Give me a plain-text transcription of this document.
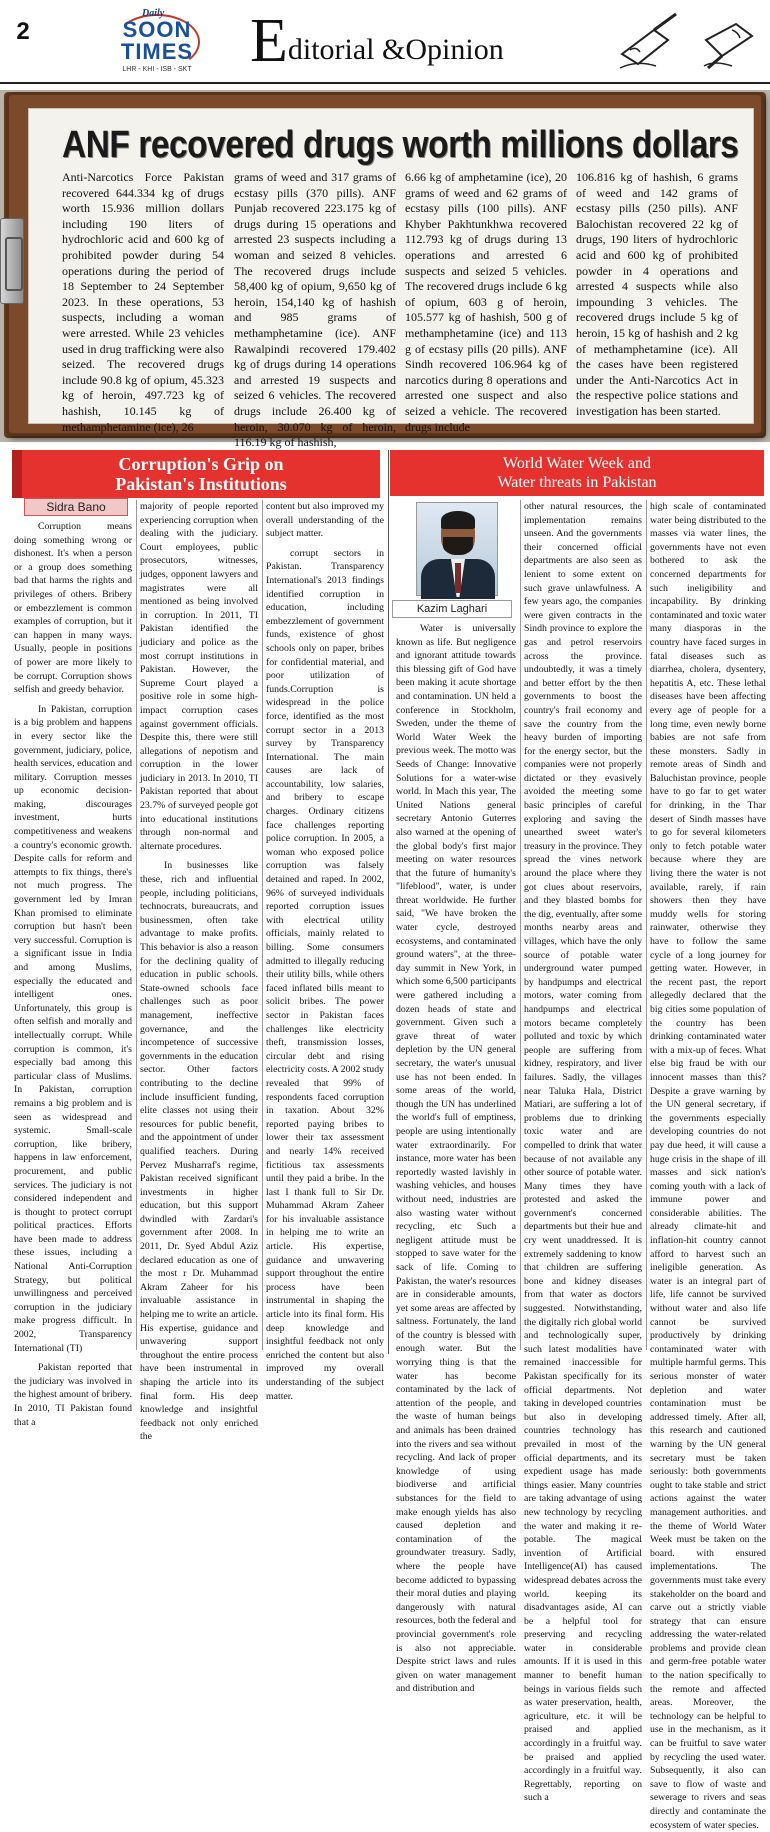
2
Daily
SOON
TIMES
LHR - KHI - ISB - SKT Editorial &Opinion
ANF recovered drugs worth millions dollars
Anti-Narcotics Force Pakistan recovered 644.334 kg of drugs worth 15.936 million dollars including 190 liters of hydrochloric acid and 600 kg of prohibited powder during 54 operations during the period of 18 September to 24 September 2023. In these operations, 53 suspects, including a woman were arrested. While 23 vehicles used in drug trafficking were also seized. The recovered drugs include 90.8 kg of opium, 45.323 kg of heroin, 497.723 kg of hashish, 10.145 kg of methamphetamine (ice), 26
grams of weed and 317 grams of ecstasy pills (370 pills). ANF Punjab recovered 223.175 kg of drugs during 15 operations and arrested 23 suspects including a woman and seized 8 vehicles. The recovered drugs include 58,400 kg of opium, 9,650 kg of heroin, 154,140 kg of hashish and 985 grams of methamphetamine (ice). ANF Rawalpindi recovered 179.402 kg of drugs during 14 operations and arrested 19 suspects and seized 6 vehicles. The recovered drugs include 26.400 kg of heroin, 30.070 kg of heroin, 116.19 kg of hashish,
6.66 kg of amphetamine (ice), 20 grams of weed and 62 grams of ecstasy pills (100 pills). ANF Khyber Pakhtunkhwa recovered 112.793 kg of drugs during 13 operations and arrested 6 suspects and seized 5 vehicles. The recovered drugs include 6 kg of opium, 603 g of heroin, 105.577 kg of hashish, 500 g of methamphetamine (ice) and 113 g of ecstasy pills (20 pills). ANF Sindh recovered 106.964 kg of narcotics during 8 operations and arrested one suspect and also seized a vehicle. The recovered drugs include
106.816 kg of hashish, 6 grams of weed and 142 grams of ecstasy pills (250 pills). ANF Balochistan recovered 22 kg of drugs, 190 liters of hydrochloric acid and 600 kg of prohibited powder in 4 operations and arrested 4 suspects while also impounding 3 vehicles. The recovered drugs include 5 kg of heroin, 15 kg of hashish and 2 kg of methamphetamine (ice). All the cases have been registered under the Anti-Narcotics Act in the respective police stations and investigation has been started.
Corruption's Grip on
Pakistan's Institutions
Sidra Bano

Corruption means doing something wrong or dishonest. It's when a person or a group does something bad that harms the rights and privileges of others. Bribery or embezzlement is common examples of corruption, but it can happen in many ways. Usually, people in positions of power are more likely to be corrupt. Corruption shows selfish and greedy behavior.

In Pakistan, corruption is a big problem and happens in every sector like the government, judiciary, police, health services, education and military. Corruption messes up economic decision-making, discourages investment, hurts competitiveness and weakens a country's economic growth. Despite calls for reform and attempts to fix things, there's not much progress. The government led by Imran Khan promised to eliminate corruption but hasn't been very successful. Corruption is a significant issue in India and among Muslims, especially the educated and intelligent ones. Unfortunately, this group is often selfish and morally and intellectually corrupt. While corruption is common, it's especially bad among this particular class of Muslims. In Pakistan, corruption remains a big problem and is seen as widespread and systemic. Small-scale corruption, like bribery, happens in law enforcement, procurement, and public services. The judiciary is not considered independent and is thought to protect corrupt political practices. Efforts have been made to address these issues, including a National Anti-Corruption Strategy, but political unwillingness and perceived corruption in the judiciary make progress difficult. In 2002, Transparency International (TI)

Pakistan reported that the judiciary was involved in the highest amount of bribery. In 2010, TI Pakistan found that a

majority of people reported experiencing corruption when dealing with the judiciary. Court employees, public prosecutors, witnesses, judges, opponent lawyers and magistrates were all mentioned as being involved in corruption. In 2011, TI Pakistan identified the judiciary and police as the most corrupt institutions in Pakistan. However, the Supreme Court played a positive role in some high-impact corruption cases against government officials. Despite this, there were still allegations of nepotism and corruption in the lower judiciary in 2013. In 2010, TI Pakistan reported that about 23.7% of surveyed people got into educational institutions through non-normal and alternate procedures.

In businesses like these, rich and influential people, including politicians, technocrats, bureaucrats, and businessmen, often take advantage to make profits. This behavior is also a reason for the declining quality of education in public schools. State-owned schools face challenges such as poor management, ineffective governance, and the incompetence of successive governments in the education sector. Other factors contributing to the decline include insufficient funding, elite classes not using their resources for public benefit, and the appointment of under qualified teachers. During Pervez Musharraf's regime, Pakistan received significant investments in higher education, but this support dwindled with Zardari's government after 2008. In 2011, Dr. Syed Abdul Aziz declared education as one of the most r Dr. Muhammad Akram Zaheer for his invaluable assistance in helping me to write an article. His expertise, guidance and unwavering support throughout the entire process have been instrumental in shaping the article into its final form. His deep knowledge and insightful feedback not only enriched the

content but also improved my overall understanding of the subject matter.

corrupt sectors in Pakistan. Transparency International's 2013 findings identified corruption in education, including embezzlement of government funds, existence of ghost schools only on paper, bribes for confidential material, and poor utilization of funds.Corruption is widespread in the police force, identified as the most corrupt sector in a 2013 survey by Transparency International. The main causes are lack of accountability, low salaries, and bribery to escape charges. Ordinary citizens face challenges reporting police corruption. In 2005, a woman who exposed police corruption was falsely detained and raped. In 2002, 96% of surveyed individuals reported corruption issues with electrical utility officials, mainly related to billing. Some consumers admitted to illegally reducing their utility bills, while others faced inflated bills meant to solicit bribes. The power sector in Pakistan faces challenges like electricity theft, transmission losses, circular debt and rising electricity costs. A 2002 study revealed that 99% of respondents faced corruption in taxation. About 32% reported paying bribes to lower their tax assessment and nearly 14% received fictitious tax assessments until they paid a bribe. In the last I thank full to Sir Dr. Muhammad Akram Zaheer for his invaluable assistance in helping me to write an article. His expertise, guidance and unwavering support throughout the entire process have been instrumental in shaping the article into its final form. His deep knowledge and insightful feedback not only enriched the content but also improved my overall understanding of the subject matter.

World Water Week and
Water threats in Pakistan
Kazim Laghari

Water is universally known as life. But negligence and ignorant attitude towards this blessing gift of God have been making it acute shortage and contamination. UN held a conference in Stockholm, Sweden, under the theme of World Water Week the previous week. The motto was Seeds of Change: Innovative Solutions for a water-wise world. In Mach this year, The United Nations general secretary Antonio Guterres also warned at the opening of the global body's first major meeting on water resources that the future of humanity's "lifeblood", water, is under threat worldwide. He further said, "We have broken the water cycle, destroyed ecosystems, and contaminated ground waters", at the three-day summit in New York, in which some 6,500 participants were gathered including a dozen heads of state and government. Given such a grave threat of water depletion by the UN general secretary, the water's unusual use has not been ended. In some areas of the world, though the UN has underlined the world's full of emptiness, people are using intentionally water extraordinarily. For instance, more water has been reportedly wasted lavishly in washing vehicles, and houses without need, industries are also wasting water without recycling, etc Such a negligent attitude must be stopped to save water for the sack of life. Coming to Pakistan, the water's resources are in considerable amounts, yet some areas are affected by saltness. Fortunately, the land of the country is blessed with enough water. But the worrying thing is that the water has become contaminated by the lack of attention of the people, and the waste of human beings and animals has been drained into the rivers and sea without recycling. And lack of proper knowledge of using biodiverse and artificial substances for the field to make enough yields has also caused depletion and contamination of the groundwater treasury. Sadly, where the people have become addicted to bypassing their moral duties and playing dangerously with natural resources, both the federal and provincial government's role is also not appreciable. Despite strict laws and rules given on water management and distribution and

other natural resources, the implementation remains unseen. And the governments their concerned official departments are also seen as lenient to some extent on such grave unlawfulness. A few years ago, the companies were given contracts in the Sindh province to explore the gas and petrol reservoirs across the province. undoubtedly, it was a timely and better effort by the then governments to boost the country's frail economy and save the country from the heavy burden of importing for the energy sector, but the companies were not properly dictated or they evasively avoided the meeting some basic principles of careful exploring and saving the unearthed sweet water's treasury in the province. They spread the vines network around the place where they got clues about reservoirs, and they blasted bombs for the dig, eventually, after some months nearby areas and villages, which have the only source of potable water underground water pumped by handpumps and electrical motors, water coming from handpumps and electrical motors became completely polluted and toxic by which people are suffering from kidney, respiratory, and liver failures. Sadly, the villages near Taluka Hala, District Matiari, are suffering a lot of problems due to drinking toxic water and are compelled to drink that water because of not available any other source of potable water. Many times they have protested and asked the government's concerned departments but their hue and cry went unaddressed. It is extremely saddening to know that children are suffering bone and kidney diseases from that water as doctors suggested. Notwithstanding, the digitally rich global world and technologically super, such latest modalities have remained inaccessible for Pakistan specifically for its official departments. Not taking in developed countries but also in developing countries technology has prevailed in most of the official departments, and its expedient usage has made things easier. Many countries are taking advantage of using new technology by recycling the water and making it re-potable. The magical invention of Artificial Intelligence(AI) has caused widespread debates across the world. keeping its disadvantages aside, AI can be a helpful tool for preserving and recycling water in considerable amounts. If it is used in this manner to benefit human beings in various fields such as water preservation, health, agriculture, etc. it will be praised and applied accordingly in a fruitful way. be praised and applied accordingly in a fruitful way. Regrettably, reporting on such a

high scale of contaminated water being distributed to the masses via water lines, the governments have not even bothered to ask the concerned departments for such ineligibility and incapability. By drinking contaminated and toxic water many diasporas in the country have faced surges in fatal diseases such as diarrhea, cholera, dysentery, hepatitis A, etc. These lethal diseases have been affecting every age of people for a long time, even newly borne babies are not safe from these monsters. Sadly in remote areas of Sindh and Baluchistan province, people have to go far to get water for drinking, in the Thar desert of Sindh masses have to go for several kilometers only to fetch potable water because where they are living there the water is not available, rarely, if rain showers then they have muddy wells for storing rainwater, otherwise they have to follow the same cycle of a long journey for getting water. However, in the recent past, the report allegedly declared that the big cities some population of the country has been drinking contaminated water with a mix-up of feces. What else big fraud be with our innocent masses than this? Despite a grave warning by the UN general secretary, if the governments especially developing countries do not pay due heed, it will cause a huge crisis in the shape of ill masses and sick nation's coming youth with a lack of immune power and considerable abilities. The already climate-hit and inflation-hit country cannot afford to harvest such an ineligible generation. As water is an integral part of life, life cannot be survived without water and also life cannot be survived productively by drinking contaminated water with multiple harmful germs. This serious monster of water depletion and water contamination must be addressed timely. After all, this research and cautioned warning by the UN general secretary must be taken seriously: both governments ought to take stable and strict actions against the water management authorities. and the theme of World Water Week must be taken on the board. with ensured implementations. The governments must take every stakeholder on the board and carve out a strictly viable strategy that can ensure addressing the water-related problems and provide clean and germ-free potable water to the nation specifically to the remote and affected areas. Moreover, the technology can be helpful to use in the mechanism, as it can be fruitful to save water by recycling the used water. Subsequently, it also can save to flow of waste and sewerage to rivers and seas directly and contaminate the ecosystem of water species.
